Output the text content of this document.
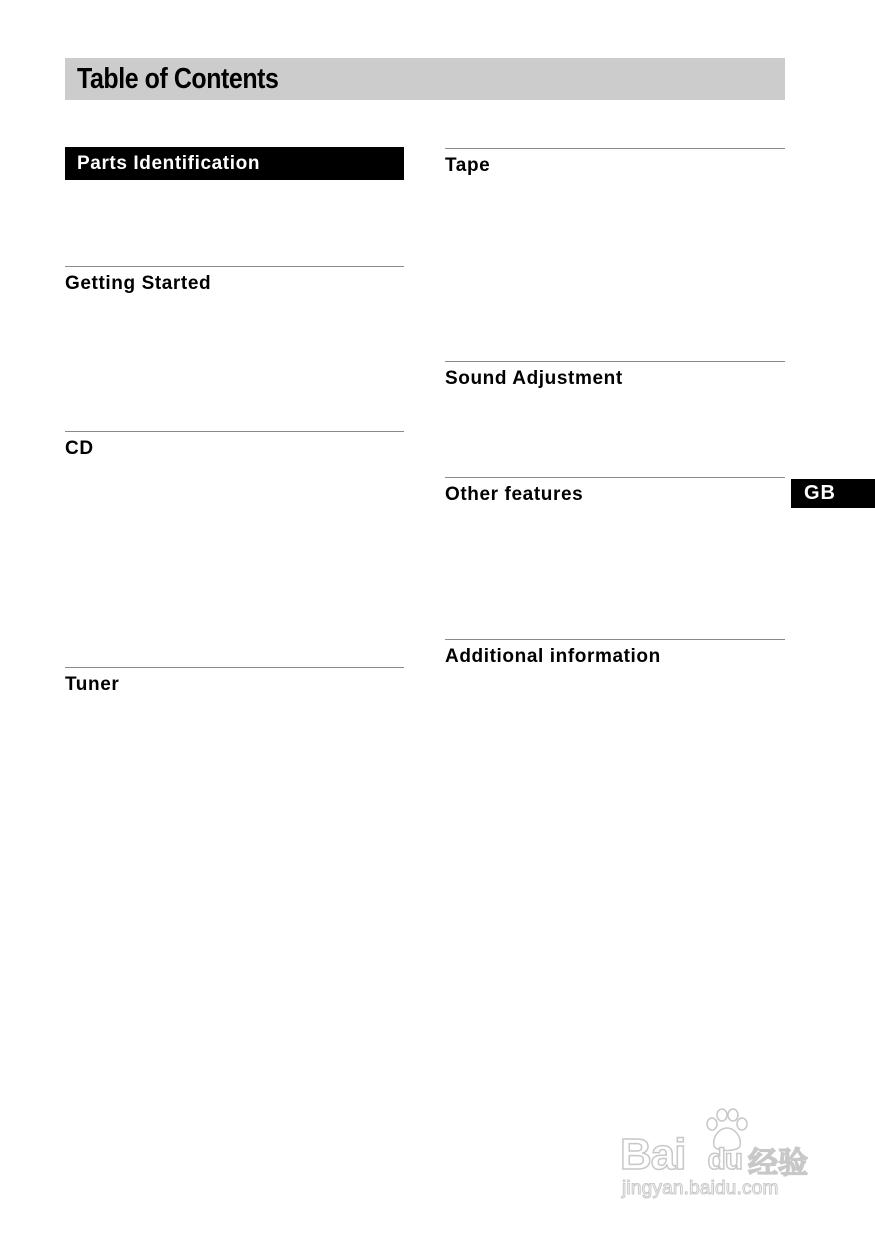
Table of Contents
Parts Identification
Getting Started
CD
Tuner
Tape
Sound Adjustment
Other features
Additional information
GB
Bai du 经验
jingyan.baidu.com
